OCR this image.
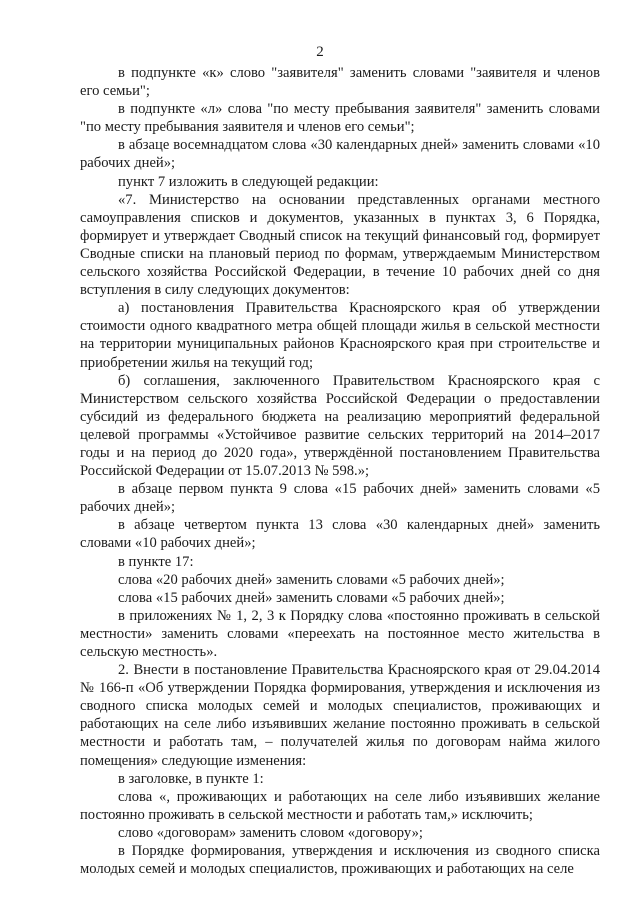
2

в подпункте «к» слово "заявителя" заменить словами "заявителя и членов его семьи";

в подпункте «л» слова "по месту пребывания заявителя" заменить словами "по месту пребывания заявителя и членов его семьи";

в абзаце восемнадцатом слова «30 календарных дней» заменить словами «10 рабочих дней»;

пункт 7 изложить в следующей редакции:

«7. Министерство на основании представленных органами местного самоуправления списков и документов, указанных в пунктах 3, 6 Порядка, формирует и утверждает Сводный список на текущий финансовый год, формирует Сводные списки на плановый период по формам, утверждаемым Министерством сельского хозяйства Российской Федерации, в течение 10 рабочих дней со дня вступления в силу следующих документов:

а) постановления Правительства Красноярского края об утверждении стоимости одного квадратного метра общей площади жилья в сельской местности на территории муниципальных районов Красноярского края при строительстве и приобретении жилья на текущий год;

б) соглашения, заключенного Правительством Красноярского края с Министерством сельского хозяйства Российской Федерации о предоставлении субсидий из федерального бюджета на реализацию мероприятий федеральной целевой программы «Устойчивое развитие сельских территорий на 2014–2017 годы и на период до 2020 года», утверждённой постановлением Правительства Российской Федерации от 15.07.2013 № 598.»;

в абзаце первом пункта 9 слова «15 рабочих дней» заменить словами «5 рабочих дней»;

в абзаце четвертом пункта 13 слова «30 календарных дней» заменить словами «10 рабочих дней»;

в пункте 17:

слова «20 рабочих дней» заменить словами «5 рабочих дней»;

слова «15 рабочих дней» заменить словами «5 рабочих дней»;

в приложениях № 1, 2, 3 к Порядку слова «постоянно проживать в сельской местности» заменить словами «переехать на постоянное место жительства в сельскую местность».

2. Внести в постановление Правительства Красноярского края от 29.04.2014 № 166-п «Об утверждении Порядка формирования, утверждения и исключения из сводного списка молодых семей и молодых специалистов, проживающих и работающих на селе либо изъявивших желание постоянно проживать в сельской местности и работать там, – получателей жилья по договорам найма жилого помещения» следующие изменения:

в заголовке, в пункте 1:

слова «, проживающих и работающих на селе либо изъявивших желание постоянно проживать в сельской местности и работать там,» исключить;

слово «договорам» заменить словом «договору»;

в Порядке формирования, утверждения и исключения из сводного списка молодых семей и молодых специалистов, проживающих и работающих на селе
